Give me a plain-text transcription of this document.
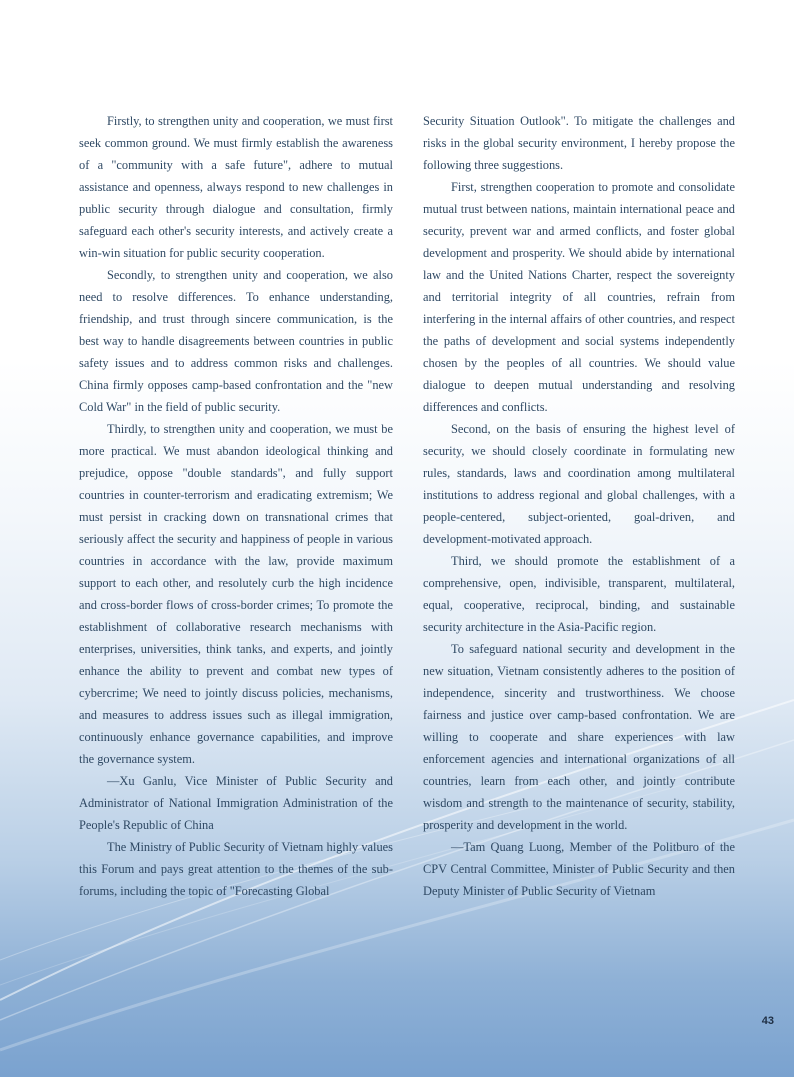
Firstly, to strengthen unity and cooperation, we must first seek common ground. We must firmly establish the awareness of a "community with a safe future", adhere to mutual assistance and openness, always respond to new challenges in public security through dialogue and consultation, firmly safeguard each other's security interests, and actively create a win-win situation for public security cooperation.

Secondly, to strengthen unity and cooperation, we also need to resolve differences. To enhance understanding, friendship, and trust through sincere communication, is the best way to handle disagreements between countries in public safety issues and to address common risks and challenges. China firmly opposes camp-based confrontation and the "new Cold War" in the field of public security.

Thirdly, to strengthen unity and cooperation, we must be more practical. We must abandon ideological thinking and prejudice, oppose "double standards", and fully support countries in counter-terrorism and eradicating extremism; We must persist in cracking down on transnational crimes that seriously affect the security and happiness of people in various countries in accordance with the law, provide maximum support to each other, and resolutely curb the high incidence and cross-border flows of cross-border crimes; To promote the establishment of collaborative research mechanisms with enterprises, universities, think tanks, and experts, and jointly enhance the ability to prevent and combat new types of cybercrime; We need to jointly discuss policies, mechanisms, and measures to address issues such as illegal immigration, continuously enhance governance capabilities, and improve the governance system.

—Xu Ganlu, Vice Minister of Public Security and Administrator of National Immigration Administration of the People's Republic of China

The Ministry of Public Security of Vietnam highly values this Forum and pays great attention to the themes of the sub-forums, including the topic of "Forecasting Global

Security Situation Outlook". To mitigate the challenges and risks in the global security environment, I hereby propose the following three suggestions.

First, strengthen cooperation to promote and consolidate mutual trust between nations, maintain international peace and security, prevent war and armed conflicts, and foster global development and prosperity. We should abide by international law and the United Nations Charter, respect the sovereignty and territorial integrity of all countries, refrain from interfering in the internal affairs of other countries, and respect the paths of development and social systems independently chosen by the peoples of all countries. We should value dialogue to deepen mutual understanding and resolving differences and conflicts.

Second, on the basis of ensuring the highest level of security, we should closely coordinate in formulating new rules, standards, laws and coordination among multilateral institutions to address regional and global challenges, with a people-centered, subject-oriented, goal-driven, and development-motivated approach.

Third, we should promote the establishment of a comprehensive, open, indivisible, transparent, multilateral, equal, cooperative, reciprocal, binding, and sustainable security architecture in the Asia-Pacific region.

To safeguard national security and development in the new situation, Vietnam consistently adheres to the position of independence, sincerity and trustworthiness. We choose fairness and justice over camp-based confrontation. We are willing to cooperate and share experiences with law enforcement agencies and international organizations of all countries, learn from each other, and jointly contribute wisdom and strength to the maintenance of security, stability, prosperity and development in the world.

—Tam Quang Luong, Member of the Politburo of the CPV Central Committee, Minister of Public Security and then Deputy Minister of Public Security of Vietnam

43
